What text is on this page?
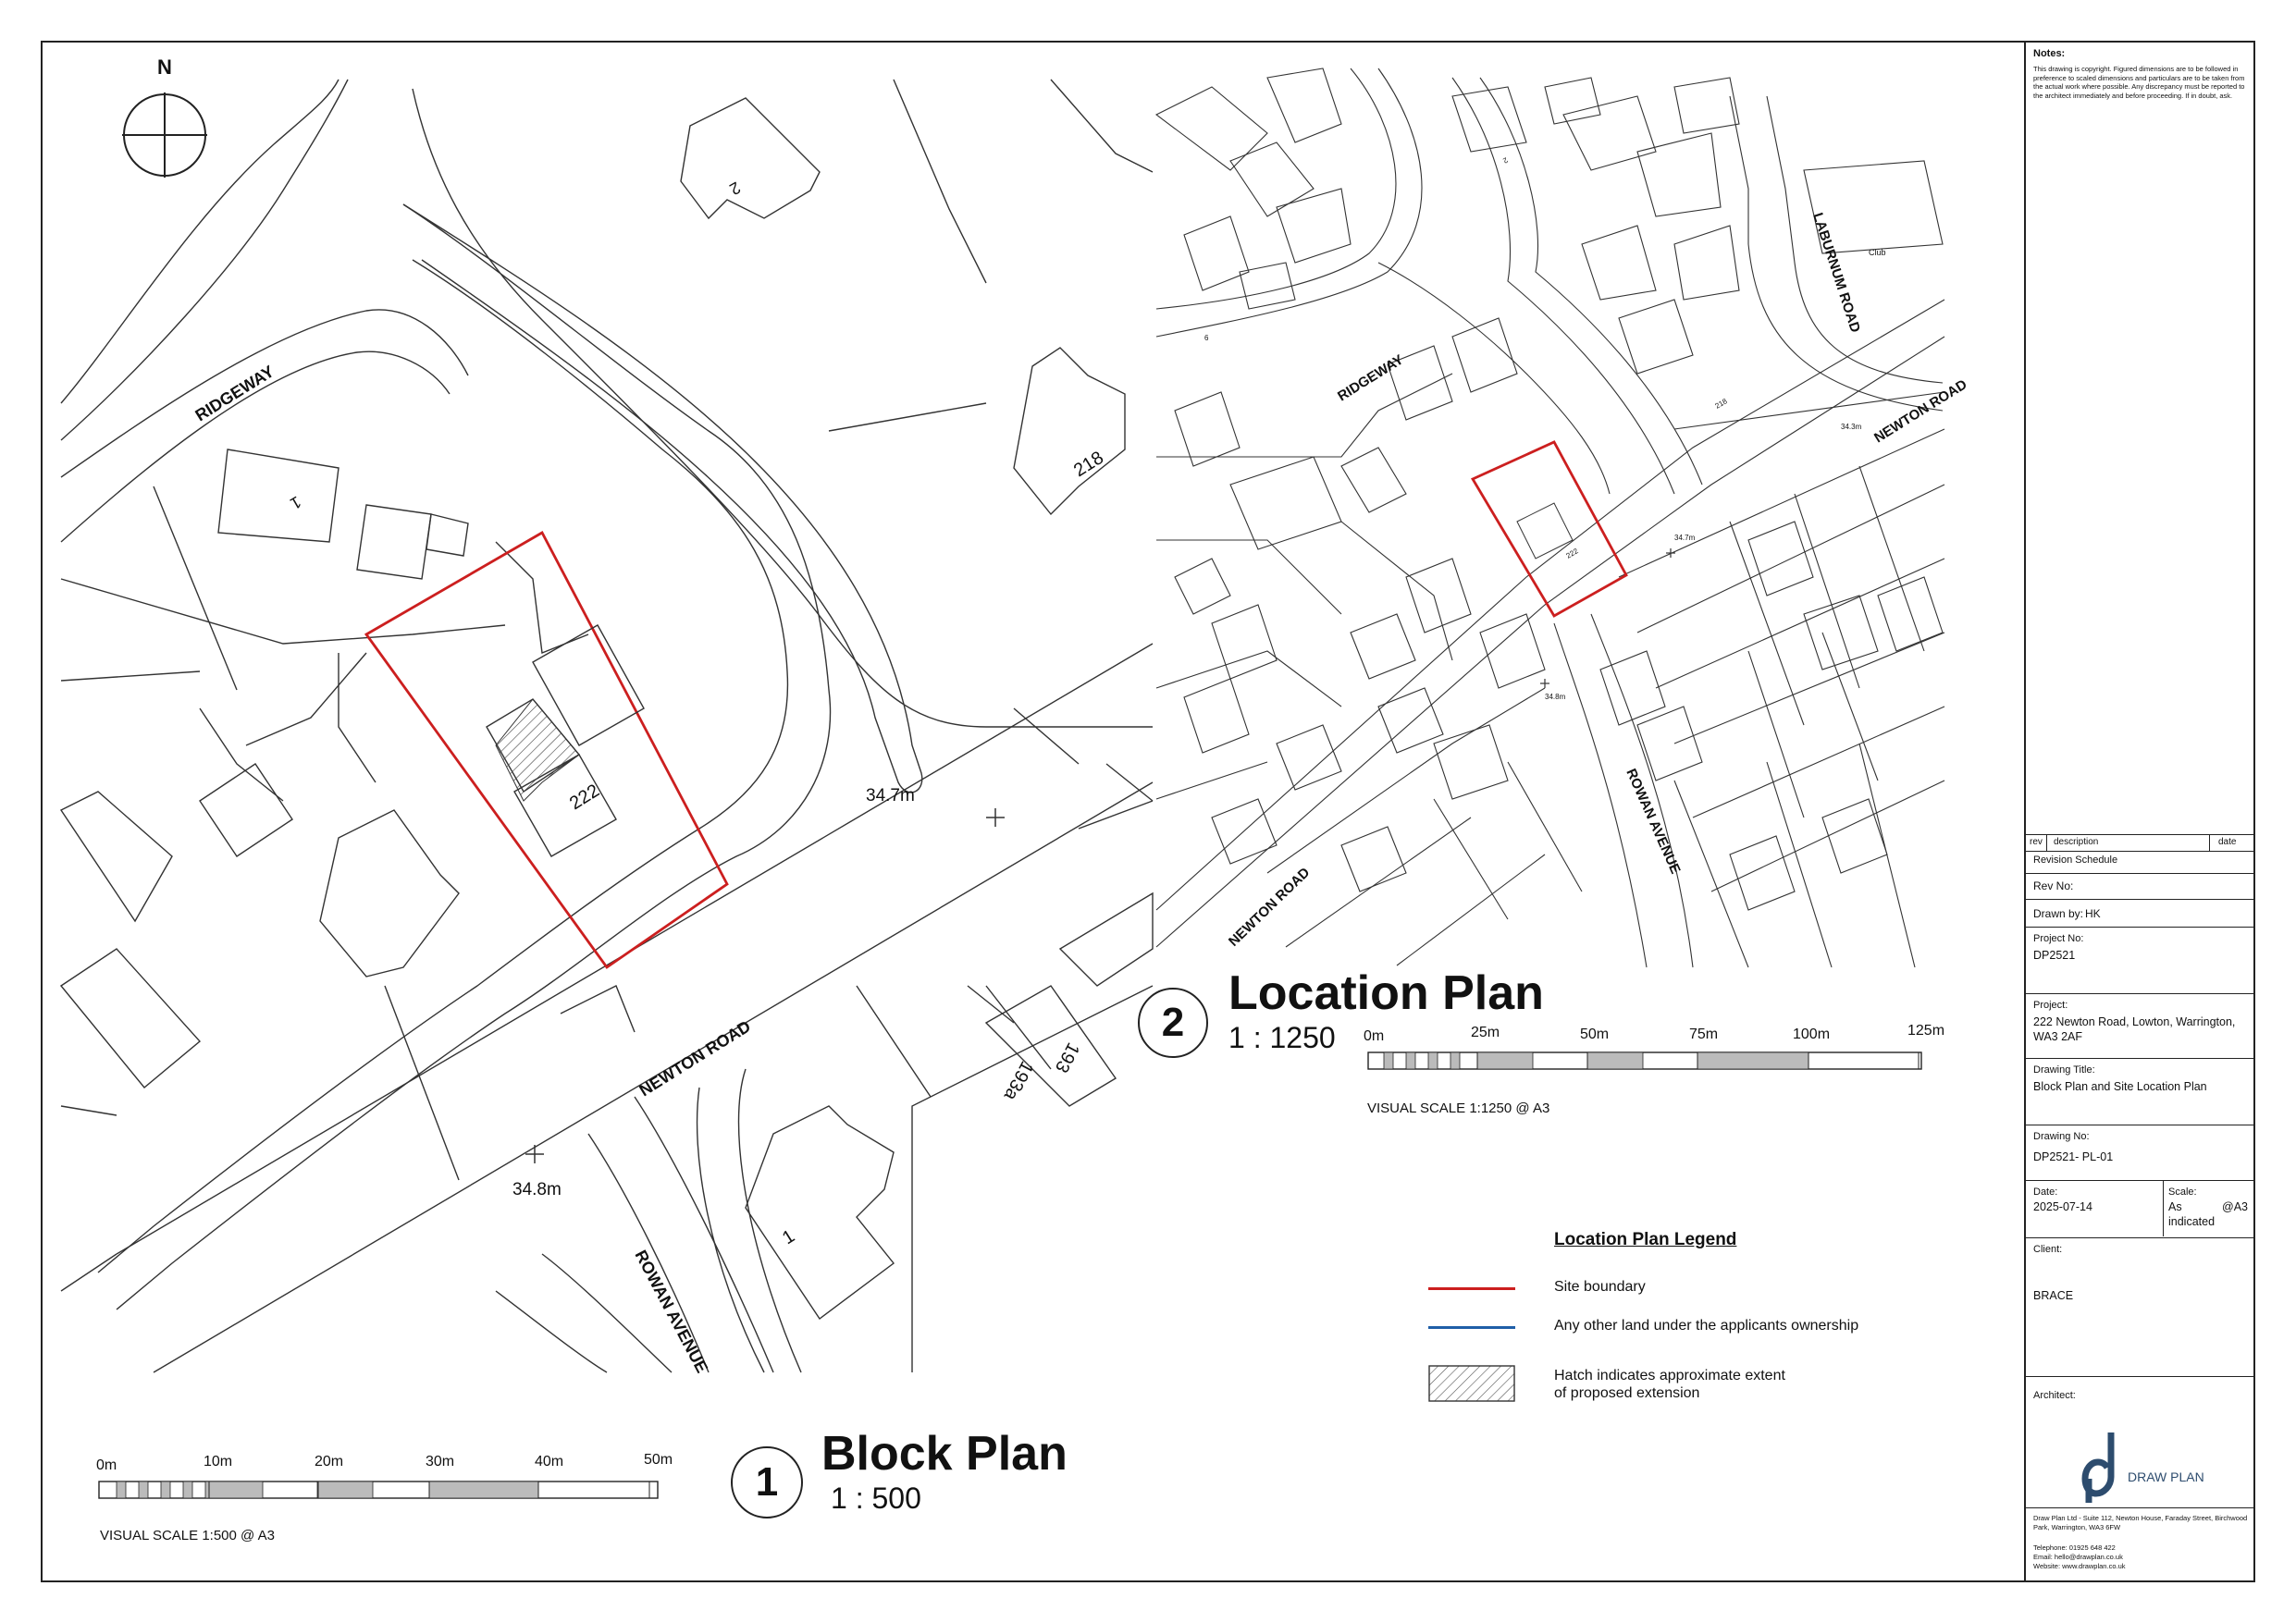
RIDGEWAY
NEWTON ROAD
ROWAN AVENUE
1
2
218
222
193
193a
1
34.7m
34.8m
N
1
Block Plan
1 : 500
0m	10m	20m	30m	40m	50m
VISUAL SCALE 1:500 @ A3
RIDGEWAY
LABURNUM ROAD
NEWTON ROAD
ROWAN AVENUE
NEWTON ROAD
Club
218
222
34.7m
34.8m
34.3m
6
2
2
Location Plan
1 : 1250 0m	25m	50m	75m	100m	125m
VISUAL SCALE 1:1250 @ A3
Location Plan Legend
Site boundary
Any other land under the applicants ownership
Hatch indicates approximate extent of proposed extension
Notes:
This drawing is copyright. Figured dimensions are to be followed in preference to scaled dimensions and particulars are to be taken from the actual work where possible. Any discrepancy must be reported to the architect immediately and before proceeding. If in doubt, ask.
rev description	date
Revision Schedule
Rev No:
Drawn by: HK
Project No:
DP2521
Project:
222 Newton Road, Lowton, Warrington, WA3 2AF
Drawing Title:
Block Plan and Site Location Plan
Drawing No:
DP2521- PL-01
Date:
2025-07-14
Scale:
As indicated
@A3
Client:
BRACE
Architect:
DRAW PLAN
Draw Plan Ltd - Suite 112, Newton House, Faraday Street, Birchwood Park, Warrington, WA3 6FW
Telephone: 01925 648 422
Email: hello@drawplan.co.uk
Website: www.drawplan.co.uk
